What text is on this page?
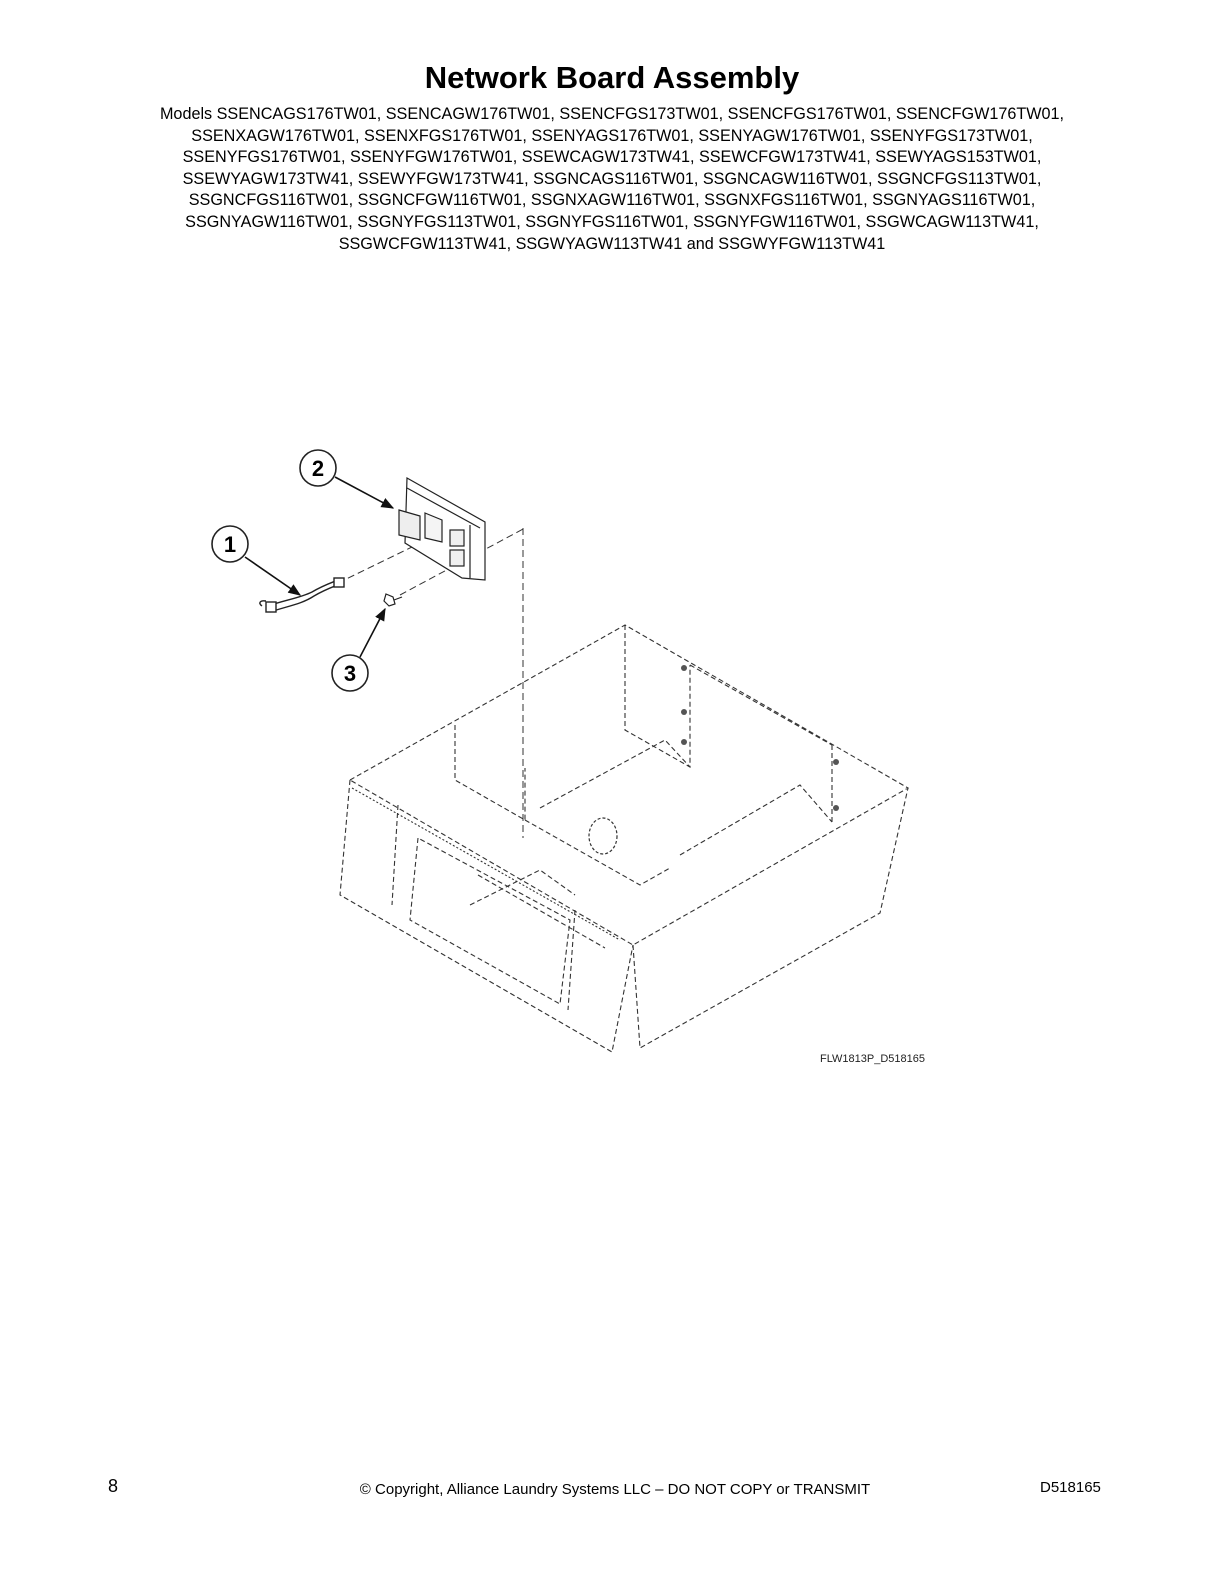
Network Board Assembly
Models SSENCAGS176TW01, SSENCAGW176TW01, SSENCFGS173TW01, SSENCFGS176TW01, SSENCFGW176TW01,
SSENXAGW176TW01, SSENXFGS176TW01, SSENYAGS176TW01, SSENYAGW176TW01, SSENYFGS173TW01,
SSENYFGS176TW01, SSENYFGW176TW01, SSEWCAGW173TW41, SSEWCFGW173TW41, SSEWYAGS153TW01,
SSEWYAGW173TW41, SSEWYFGW173TW41, SSGNCAGS116TW01, SSGNCAGW116TW01, SSGNCFGS113TW01,
SSGNCFGS116TW01, SSGNCFGW116TW01, SSGNXAGW116TW01, SSGNXFGS116TW01, SSGNYAGS116TW01,
SSGNYAGW116TW01, SSGNYFGS113TW01, SSGNYFGS116TW01, SSGNYFGW116TW01, SSGWCAGW113TW41,
SSGWCFGW113TW41, SSGWYAGW113TW41 and SSGWYFGW113TW41
1
2
3
FLW1813P_D518165
8	© Copyright, Alliance Laundry Systems LLC – DO NOT COPY or TRANSMIT	D518165
